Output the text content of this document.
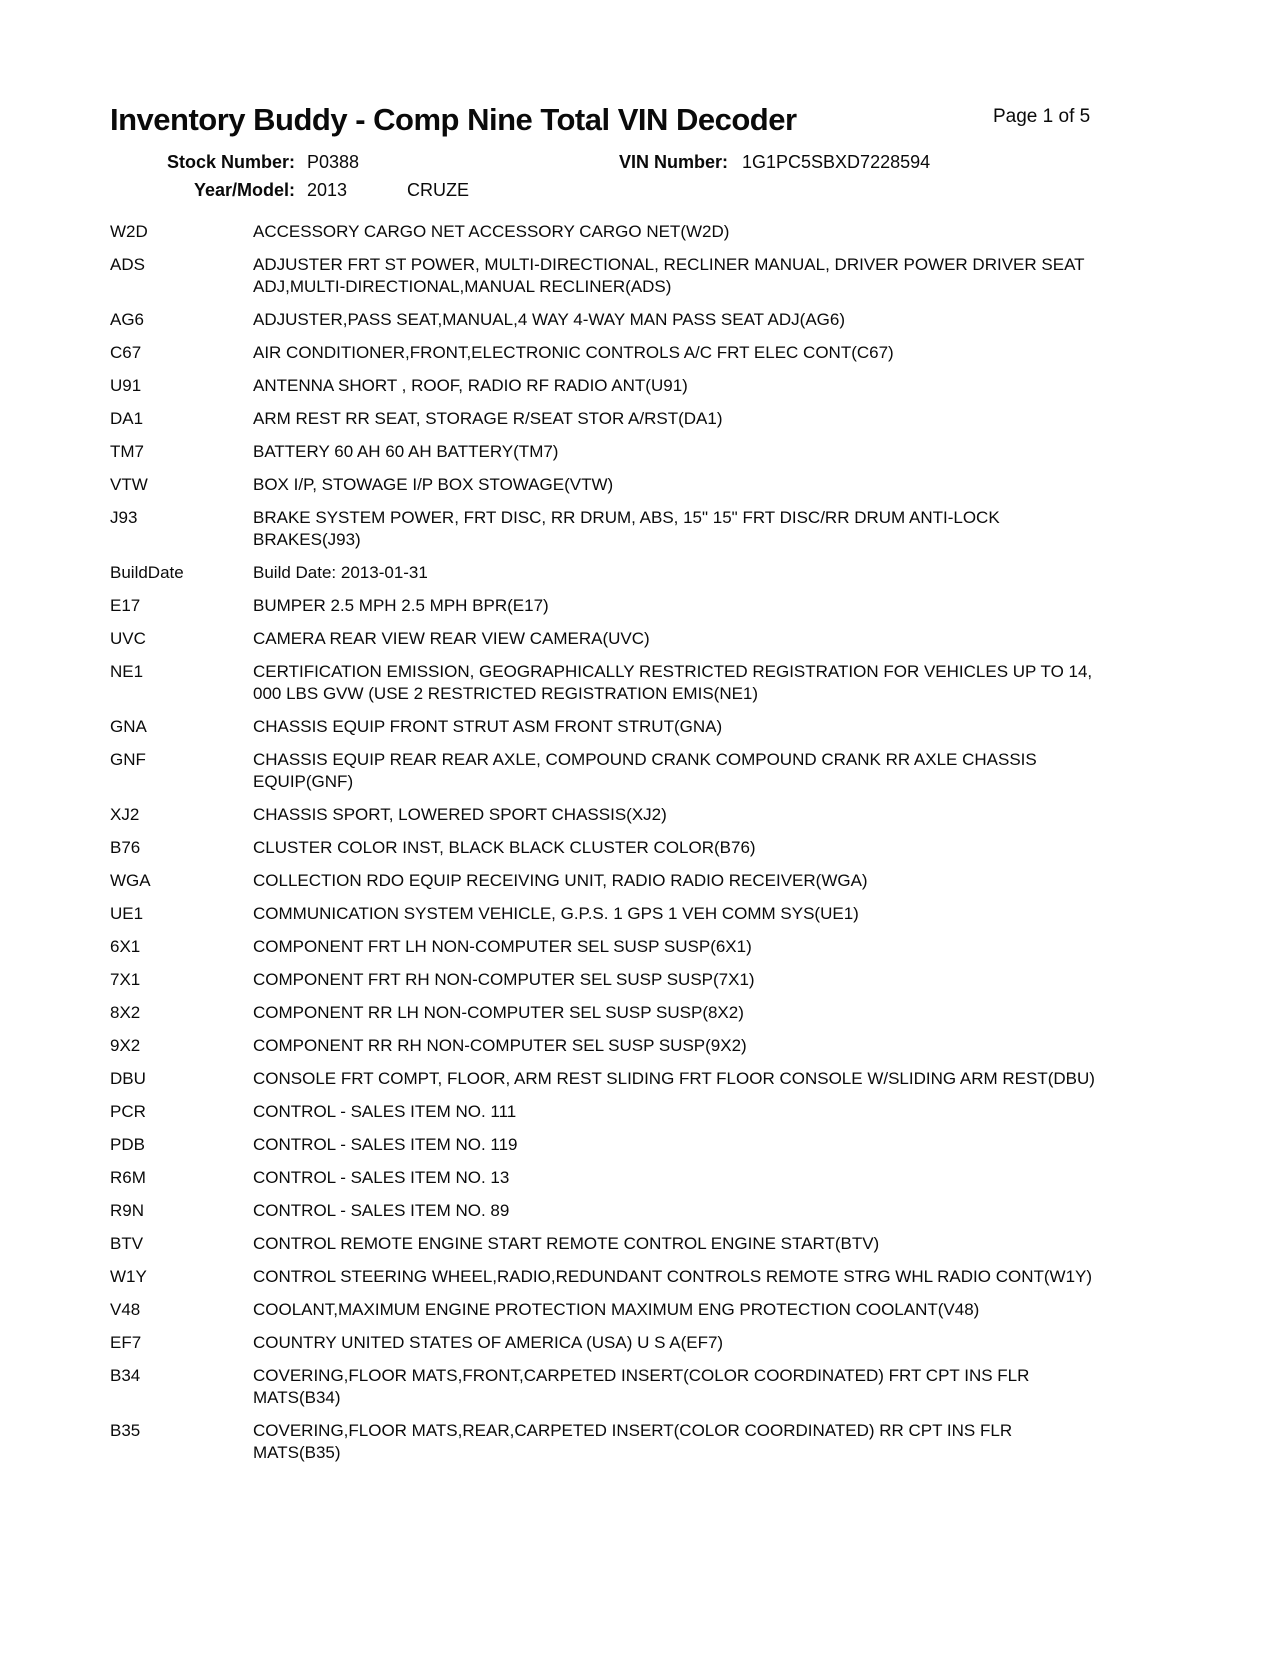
Inventory Buddy - Comp Nine Total VIN Decoder	Page 1 of 5
Stock Number: P0388	VIN Number: 1G1PC5SBXD7228594
Year/Model: 2013	CRUZE
W2D	ACCESSORY CARGO NET ACCESSORY CARGO NET(W2D)
ADS	ADJUSTER FRT ST POWER, MULTI-DIRECTIONAL, RECLINER MANUAL, DRIVER POWER DRIVER SEAT ADJ,MULTI-DIRECTIONAL,MANUAL RECLINER(ADS)
AG6	ADJUSTER,PASS SEAT,MANUAL,4 WAY 4-WAY MAN PASS SEAT ADJ(AG6)
C67	AIR CONDITIONER,FRONT,ELECTRONIC CONTROLS A/C FRT ELEC CONT(C67)
U91	ANTENNA SHORT , ROOF, RADIO RF RADIO ANT(U91)
DA1	ARM REST RR SEAT, STORAGE R/SEAT STOR A/RST(DA1)
TM7	BATTERY 60 AH 60 AH BATTERY(TM7)
VTW	BOX I/P, STOWAGE I/P BOX STOWAGE(VTW)
J93	BRAKE SYSTEM POWER, FRT DISC, RR DRUM, ABS, 15" 15" FRT DISC/RR DRUM ANTI-LOCK BRAKES(J93)
BuildDate	Build Date: 2013-01-31
E17	BUMPER 2.5 MPH 2.5 MPH BPR(E17)
UVC	CAMERA REAR VIEW REAR VIEW CAMERA(UVC)
NE1	CERTIFICATION EMISSION, GEOGRAPHICALLY RESTRICTED REGISTRATION FOR VEHICLES UP TO 14, 000 LBS GVW (USE 2 RESTRICTED REGISTRATION EMIS(NE1)
GNA	CHASSIS EQUIP FRONT STRUT ASM FRONT STRUT(GNA)
GNF	CHASSIS EQUIP REAR REAR AXLE, COMPOUND CRANK COMPOUND CRANK RR AXLE CHASSIS EQUIP(GNF)
XJ2	CHASSIS SPORT, LOWERED SPORT CHASSIS(XJ2)
B76	CLUSTER COLOR INST, BLACK BLACK CLUSTER COLOR(B76)
WGA	COLLECTION RDO EQUIP RECEIVING UNIT, RADIO RADIO RECEIVER(WGA)
UE1	COMMUNICATION SYSTEM VEHICLE, G.P.S. 1 GPS 1 VEH COMM SYS(UE1)
6X1	COMPONENT FRT LH NON-COMPUTER SEL SUSP SUSP(6X1)
7X1	COMPONENT FRT RH NON-COMPUTER SEL SUSP SUSP(7X1)
8X2	COMPONENT RR LH NON-COMPUTER SEL SUSP SUSP(8X2)
9X2	COMPONENT RR RH NON-COMPUTER SEL SUSP SUSP(9X2)
DBU	CONSOLE FRT COMPT, FLOOR, ARM REST SLIDING FRT FLOOR CONSOLE W/SLIDING ARM REST(DBU)
PCR	CONTROL - SALES ITEM NO. 111
PDB	CONTROL - SALES ITEM NO. 119
R6M	CONTROL - SALES ITEM NO. 13
R9N	CONTROL - SALES ITEM NO. 89
BTV	CONTROL REMOTE ENGINE START REMOTE CONTROL ENGINE START(BTV)
W1Y	CONTROL STEERING WHEEL,RADIO,REDUNDANT CONTROLS REMOTE STRG WHL RADIO CONT(W1Y)
V48	COOLANT,MAXIMUM ENGINE PROTECTION MAXIMUM ENG PROTECTION COOLANT(V48)
EF7	COUNTRY UNITED STATES OF AMERICA (USA) U S A(EF7)
B34	COVERING,FLOOR MATS,FRONT,CARPETED INSERT(COLOR COORDINATED) FRT CPT INS FLR MATS(B34)
B35	COVERING,FLOOR MATS,REAR,CARPETED INSERT(COLOR COORDINATED) RR CPT INS FLR MATS(B35)
